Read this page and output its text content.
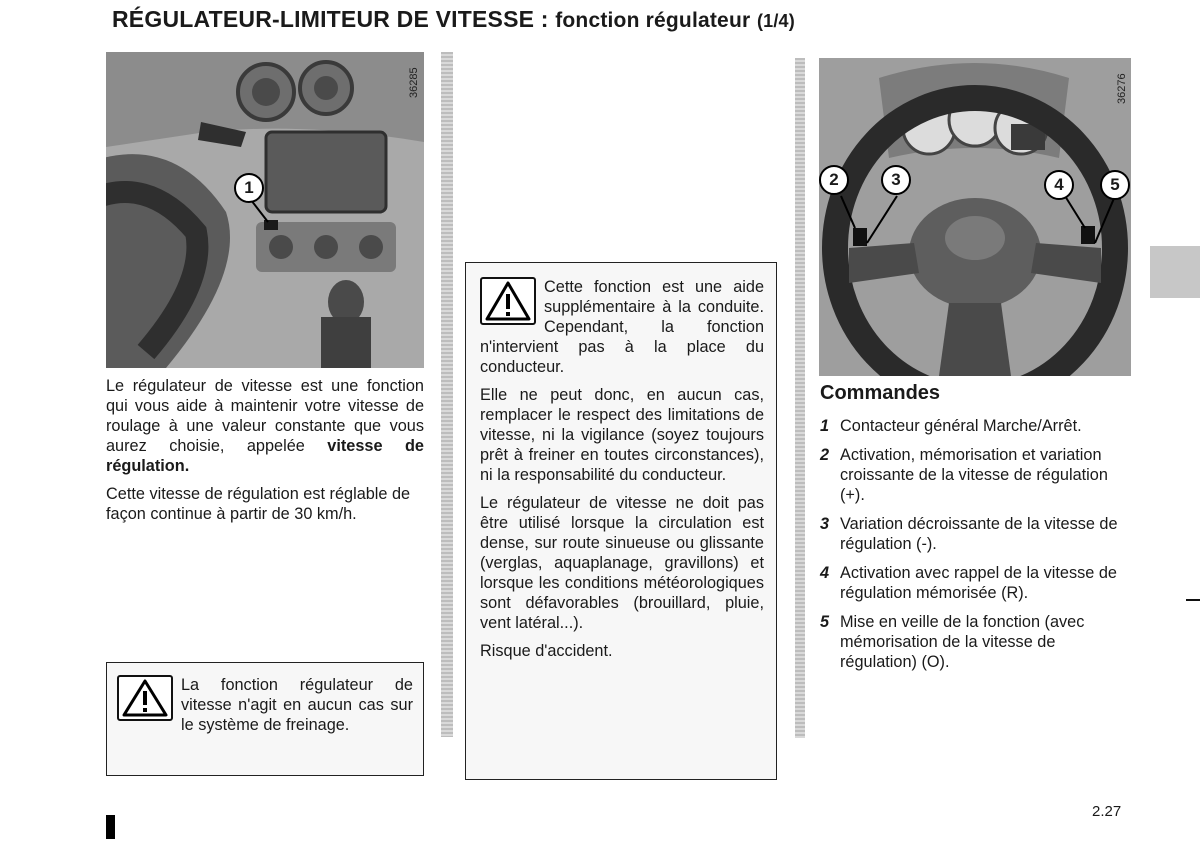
RÉGULATEUR-LIMITEUR DE VITESSE : fonction régulateur (1/4)
1
36285

Le régulateur de vitesse est une fonction qui vous aide à maintenir votre vitesse de roulage à une valeur constante que vous aurez choisie, appelée vitesse de régulation.

Cette vitesse de régulation est réglable de façon continue à partir de 30 km/h.

La fonction régulateur de vitesse n'agit en aucun cas sur le système de freinage.

Cette fonction est une aide supplémentaire à la conduite. Cependant, la fonction n'intervient pas à la place du conducteur.

Elle ne peut donc, en aucun cas, remplacer le respect des limitations de vitesse, ni la vigilance (soyez toujours prêt à freiner en toutes circonstances), ni la responsabilité du conducteur.

Le régulateur de vitesse ne doit pas être utilisé lorsque la circulation est dense, sur route sinueuse ou glissante (verglas, aquaplanage, gravillons) et lorsque les conditions météorologiques sont défavorables (brouillard, pluie, vent latéral...).

Risque d'accident.

2	3	4	5
36276
Commandes
1 Contacteur général Marche/Arrêt.
2 Activation, mémorisation et variation croissante de la vitesse de régulation (+).
3 Variation décroissante de la vitesse de régulation (-).
4 Activation avec rappel de la vitesse de régulation mémorisée (R).
5 Mise en veille de la fonction (avec mémorisation de la vitesse de régulation) (O).
2.27
